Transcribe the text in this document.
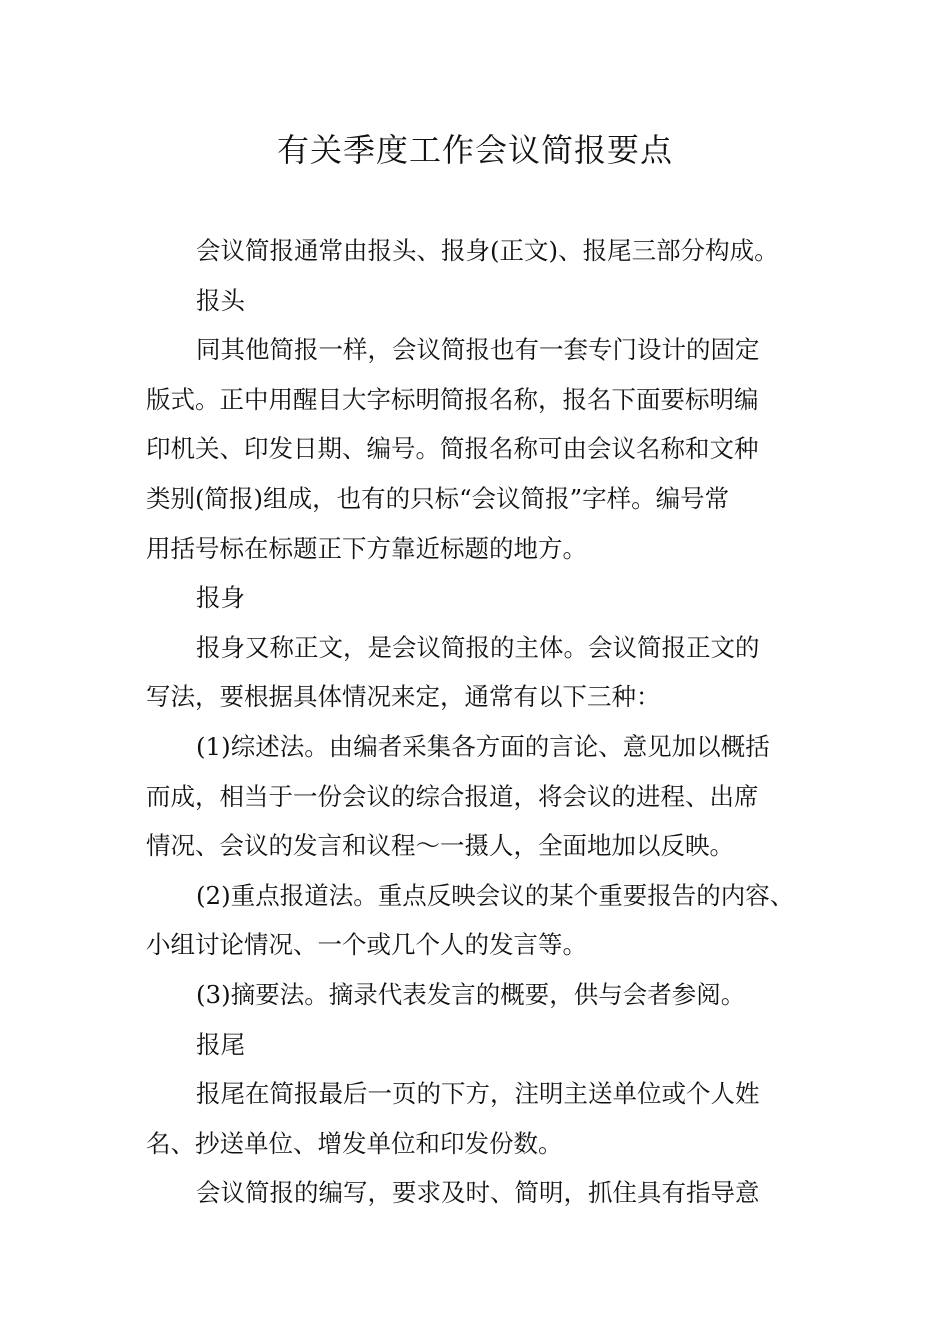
有关季度工作会议简报要点
会议简报通常由报头、报身(正文)、报尾三部分构成。
报头
同其他简报一样，会议简报也有一套专门设计的固定
版式。正中用醒目大字标明简报名称，报名下面要标明编
印机关、印发日期、编号。简报名称可由会议名称和文种
类别(简报)组成，也有的只标“会议简报”字样。编号常
用括号标在标题正下方靠近标题的地方。
报身
报身又称正文，是会议简报的主体。会议简报正文的
写法，要根据具体情况来定，通常有以下三种：
(1)综述法。由编者采集各方面的言论、意见加以概括
而成，相当于一份会议的综合报道，将会议的进程、出席
情况、会议的发言和议程～一摄人，全面地加以反映。
(2)重点报道法。重点反映会议的某个重要报告的内容、
小组讨论情况、一个或几个人的发言等。
(3)摘要法。摘录代表发言的概要，供与会者参阅。
报尾
报尾在简报最后一页的下方，注明主送单位或个人姓
名、抄送单位、增发单位和印发份数。
会议简报的编写，要求及时、简明，抓住具有指导意
